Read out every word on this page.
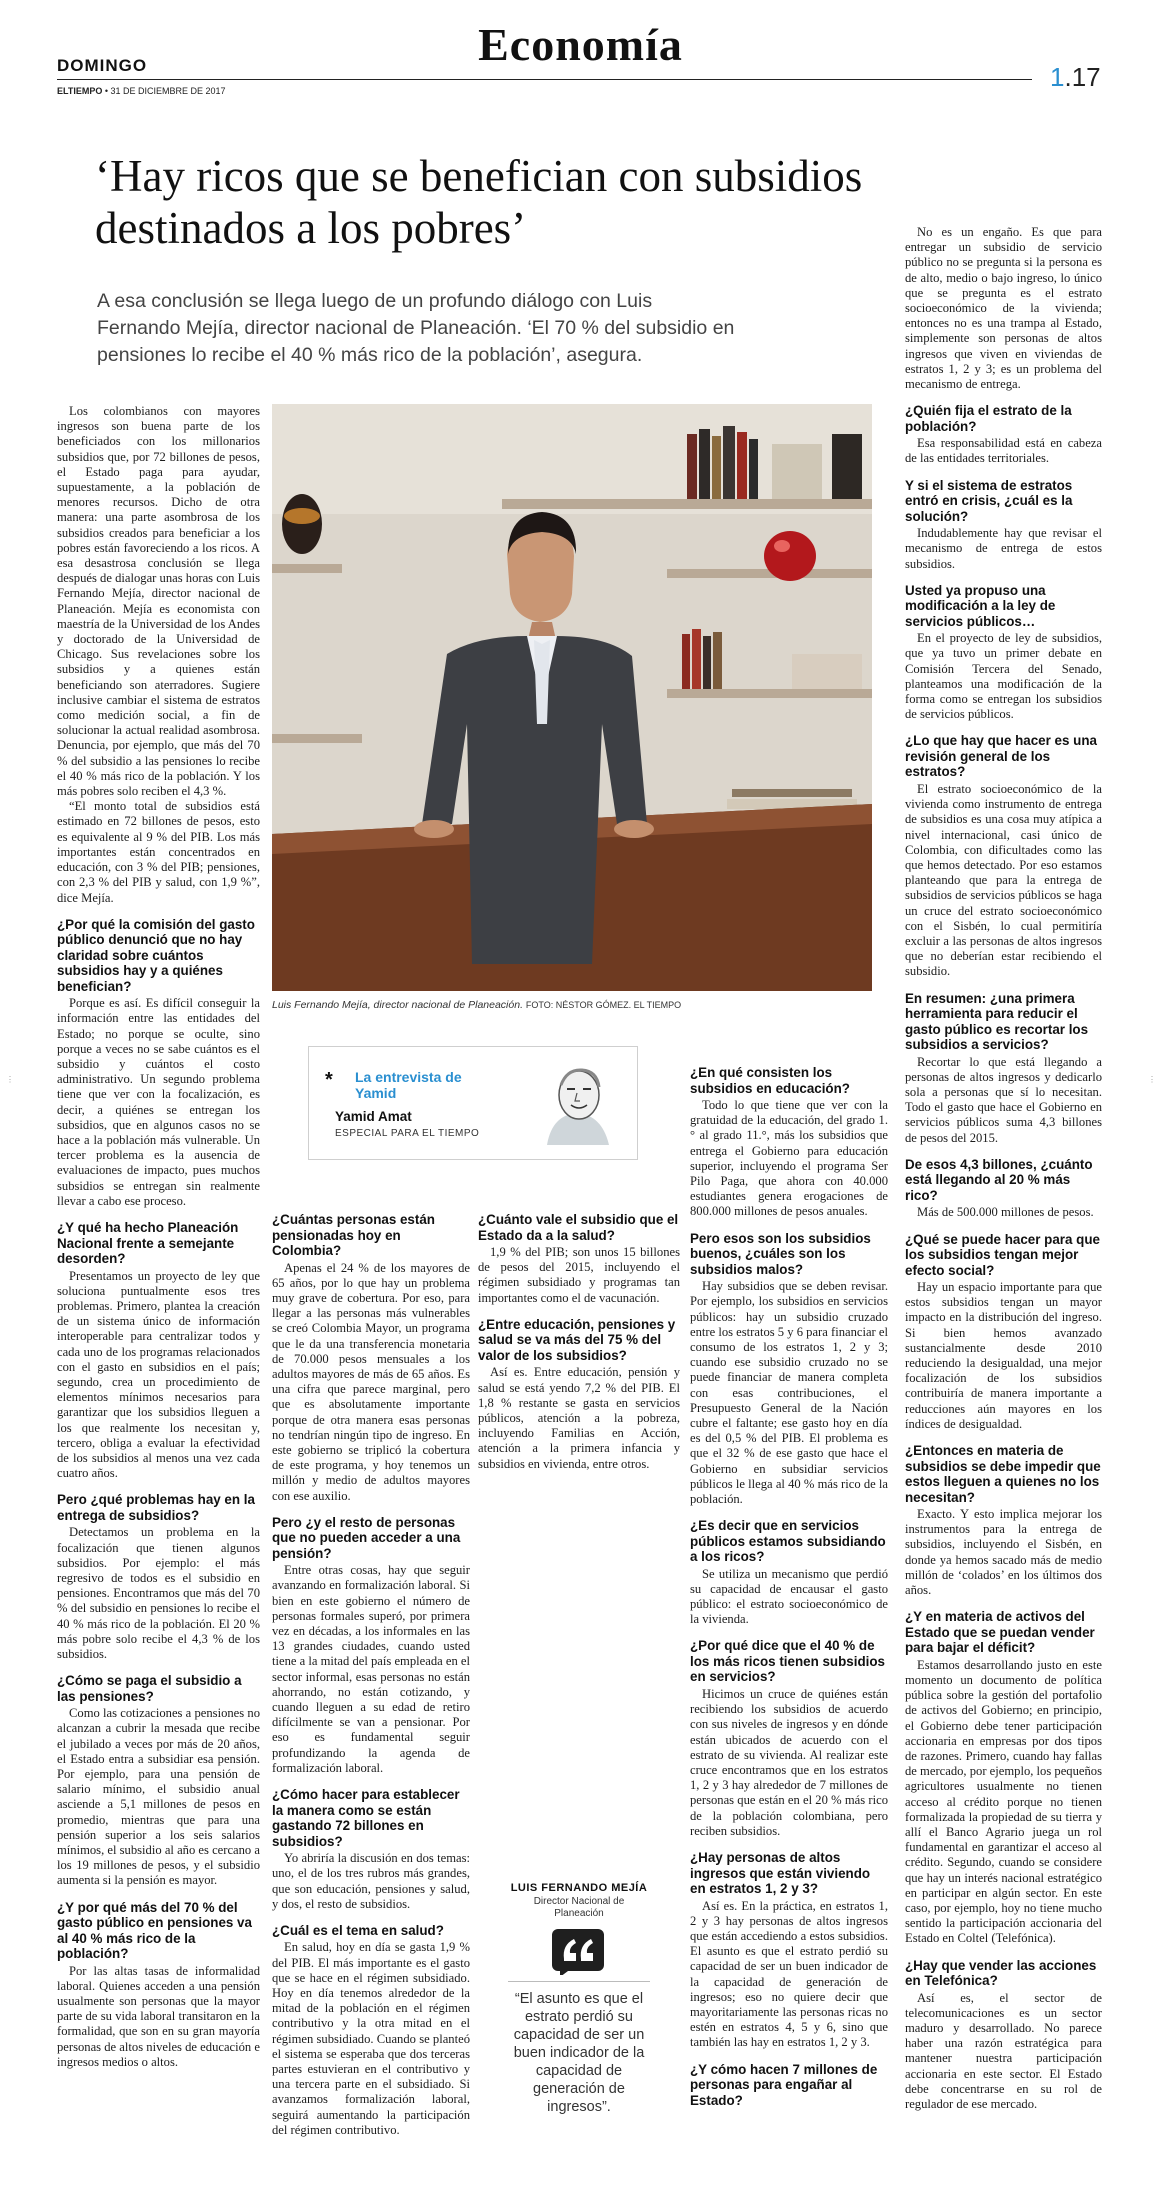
Economía
DOMINGO
ELTIEMPO • 31 DE DICIEMBRE DE 2017	1.17
‘Hay ricos que se benefician con subsidios destinados a los pobres’
A esa conclusión se llega luego de un profundo diálogo con Luis Fernando Mejía, director nacional de Planeación. ‘El 70 % del subsidio en pensiones lo recibe el 40 % más rico de la población’, asegura.

Los colombianos con mayores ingresos son buena parte de los beneficiados con los millonarios subsidios que, por 72 billones de pesos, el Estado paga para ayudar, supuestamente, a la población de menores recursos. Dicho de otra manera: una parte asombrosa de los subsidios creados para beneficiar a los pobres están favoreciendo a los ricos. A esa desastrosa conclusión se llega después de dialogar unas horas con Luis Fernando Mejía, director nacional de Planeación. Mejía es economista con maestría de la Universidad de los Andes y doctorado de la Universidad de Chicago. Sus revelaciones sobre los subsidios y a quienes están beneficiando son aterradores. Sugiere inclusive cambiar el sistema de estratos como medición social, a fin de solucionar la actual realidad asombrosa. Denuncia, por ejemplo, que más del 70 % del subsidio a las pensiones lo recibe el 40 % más rico de la población. Y los más pobres solo reciben el 4,3 %.

“El monto total de subsidios está estimado en 72 billones de pesos, esto es equivalente al 9 % del PIB. Los más importantes están concentrados en educación, con 3 % del PIB; pensiones, con 2,3 % del PIB y salud, con 1,9 %”, dice Mejía.

¿Por qué la comisión del gasto público denunció que no hay claridad sobre cuántos subsidios hay y a quiénes benefician?

Porque es así. Es difícil conseguir la información entre las entidades del Estado; no porque se oculte, sino porque a veces no se sabe cuántos es el subsidio y cuántos el costo administrativo. Un segundo problema tiene que ver con la focalización, es decir, a quiénes se entregan los subsidios, que en algunos casos no se hace a la población más vulnerable. Un tercer problema es la ausencia de evaluaciones de impacto, pues muchos subsidios se entregan sin realmente llevar a cabo ese proceso.

¿Y qué ha hecho Planeación Nacional frente a semejante desorden?

Presentamos un proyecto de ley que soluciona puntualmente esos tres problemas. Primero, plantea la creación de un sistema único de información interoperable para centralizar todos y cada uno de los programas relacionados con el gasto en subsidios en el país; segundo, crea un procedimiento de elementos mínimos necesarios para garantizar que los subsidios lleguen a los que realmente los necesitan y, tercero, obliga a evaluar la efectividad de los subsidios al menos una vez cada cuatro años.

Pero ¿qué problemas hay en la entrega de subsidios?

Detectamos un problema en la focalización que tienen algunos subsidios. Por ejemplo: el más regresivo de todos es el subsidio en pensiones. Encontramos que más del 70 % del subsidio en pensiones lo recibe el 40 % más rico de la población. El 20 % más pobre solo recibe el 4,3 % de los subsidios.

¿Cómo se paga el subsidio a las pensiones?

Como las cotizaciones a pensiones no alcanzan a cubrir la mesada que recibe el jubilado a veces por más de 20 años, el Estado entra a subsidiar esa pensión. Por ejemplo, para una pensión de salario mínimo, el subsidio anual asciende a 5,1 millones de pesos en promedio, mientras que para una pensión superior a los seis salarios mínimos, el subsidio al año es cercano a los 19 millones de pesos, y el subsidio aumenta si la pensión es mayor.

¿Y por qué más del 70 % del gasto público en pensiones va al 40 % más rico de la población?

Por las altas tasas de informalidad laboral. Quienes acceden a una pensión usualmente son personas que la mayor parte de su vida laboral transitaron en la formalidad, que son en su gran mayoría personas de altos niveles de educación e ingresos medios o altos.

¿Cuántas personas están pensionadas hoy en Colombia?

Apenas el 24 % de los mayores de 65 años, por lo que hay un problema muy grave de cobertura. Por eso, para llegar a las personas más vulnerables se creó Colombia Mayor, un programa que le da una transferencia monetaria de 70.000 pesos mensuales a los adultos mayores de más de 65 años. Es una cifra que parece marginal, pero que es absolutamente importante porque de otra manera esas personas no tendrían ningún tipo de ingreso. En este gobierno se triplicó la cobertura de este programa, y hoy tenemos un millón y medio de adultos mayores con ese auxilio.

Pero ¿y el resto de personas que no pueden acceder a una pensión?

Entre otras cosas, hay que seguir avanzando en formalización laboral. Si bien en este gobierno el número de personas formales superó, por primera vez en décadas, a los informales en las 13 grandes ciudades, cuando usted tiene a la mitad del país empleada en el sector informal, esas personas no están ahorrando, no están cotizando, y cuando lleguen a su edad de retiro difícilmente se van a pensionar. Por eso es fundamental seguir profundizando la agenda de formalización laboral.

¿Cómo hacer para establecer la manera como se están gastando 72 billones en subsidios?

Yo abriría la discusión en dos temas: uno, el de los tres rubros más grandes, que son educación, pensiones y salud, y dos, el resto de subsidios.

¿Cuál es el tema en salud?

En salud, hoy en día se gasta 1,9 % del PIB. El más importante es el gasto que se hace en el régimen subsidiado. Hoy en día tenemos alrededor de la mitad de la población en el régimen contributivo y la otra mitad en el régimen subsidiado. Cuando se planteó el sistema se esperaba que dos terceras partes estuvieran en el contributivo y una tercera parte en el subsidiado. Si avanzamos formalización laboral, seguirá aumentando la participación del régimen contributivo.

¿Cuánto vale el subsidio que el Estado da a la salud?

1,9 % del PIB; son unos 15 billones de pesos del 2015, incluyendo el régimen subsidiado y programas tan importantes como el de vacunación.

¿Entre educación, pensiones y salud se va más del 75 % del valor de los subsidios?

Así es. Entre educación, pensión y salud se está yendo 7,2 % del PIB. El 1,8 % restante se gasta en servicios públicos, atención a la pobreza, incluyendo Familias en Acción, atención a la primera infancia y subsidios en vivienda, entre otros.

¿En qué consisten los subsidios en educación?

Todo lo que tiene que ver con la gratuidad de la educación, del grado 1.° al grado 11.°, más los subsidios que entrega el Gobierno para educación superior, incluyendo el programa Ser Pilo Paga, que ahora con 40.000 estudiantes genera erogaciones de 800.000 millones de pesos anuales.

Pero esos son los subsidios buenos, ¿cuáles son los subsidios malos?

Hay subsidios que se deben revisar. Por ejemplo, los subsidios en servicios públicos: hay un subsidio cruzado entre los estratos 5 y 6 para financiar el consumo de los estratos 1, 2 y 3; cuando ese subsidio cruzado no se puede financiar de manera completa con esas contribuciones, el Presupuesto General de la Nación cubre el faltante; ese gasto hoy en día es del 0,5 % del PIB. El problema es que el 32 % de ese gasto que hace el Gobierno en subsidiar servicios públicos le llega al 40 % más rico de la población.

¿Es decir que en servicios públicos estamos subsidiando a los ricos?

Se utiliza un mecanismo que perdió su capacidad de encausar el gasto público: el estrato socioeconómico de la vivienda.

¿Por qué dice que el 40 % de los más ricos tienen subsidios en servicios?

Hicimos un cruce de quiénes están recibiendo los subsidios de acuerdo con sus niveles de ingresos y en dónde están ubicados de acuerdo con el estrato de su vivienda. Al realizar este cruce encontramos que en los estratos 1, 2 y 3 hay alrededor de 7 millones de personas que están en el 20 % más rico de la población colombiana, pero reciben subsidios.

¿Hay personas de altos ingresos que están viviendo en estratos 1, 2 y 3?

Así es. En la práctica, en estratos 1, 2 y 3 hay personas de altos ingresos que están accediendo a estos subsidios. El asunto es que el estrato perdió su capacidad de ser un buen indicador de la capacidad de generación de ingresos; eso no quiere decir que mayoritariamente las personas ricas no estén en estratos 4, 5 y 6, sino que también las hay en estratos 1, 2 y 3.

¿Y cómo hacen 7 millones de personas para engañar al Estado?

No es un engaño. Es que para entregar un subsidio de servicio público no se pregunta si la persona es de alto, medio o bajo ingreso, lo único que se pregunta es el estrato socioeconómico de la vivienda; entonces no es una trampa al Estado, simplemente son personas de altos ingresos que viven en viviendas de estratos 1, 2 y 3; es un problema del mecanismo de entrega.

¿Quién fija el estrato de la población?

Esa responsabilidad está en cabeza de las entidades territoriales.

Y si el sistema de estratos entró en crisis, ¿cuál es la solución?

Indudablemente hay que revisar el mecanismo de entrega de estos subsidios.

Usted ya propuso una modificación a la ley de servicios públicos…

En el proyecto de ley de subsidios, que ya tuvo un primer debate en Comisión Tercera del Senado, planteamos una modificación de la forma como se entregan los subsidios de servicios públicos.

¿Lo que hay que hacer es una revisión general de los estratos?

El estrato socioeconómico de la vivienda como instrumento de entrega de subsidios es una cosa muy atípica a nivel internacional, casi único de Colombia, con dificultades como las que hemos detectado. Por eso estamos planteando que para la entrega de subsidios de servicios públicos se haga un cruce del estrato socioeconómico con el Sisbén, lo cual permitiría excluir a las personas de altos ingresos que no deberían estar recibiendo el subsidio.

En resumen: ¿una primera herramienta para reducir el gasto público es recortar los subsidios a servicios?

Recortar lo que está llegando a personas de altos ingresos y dedicarlo sola a personas que sí lo necesitan. Todo el gasto que hace el Gobierno en servicios públicos suma 4,3 billones de pesos del 2015.

De esos 4,3 billones, ¿cuánto está llegando al 20 % más rico?

Más de 500.000 millones de pesos.

¿Qué se puede hacer para que los subsidios tengan mejor efecto social?

Hay un espacio importante para que estos subsidios tengan un mayor impacto en la distribución del ingreso. Si bien hemos avanzado sustancialmente desde 2010 reduciendo la desigualdad, una mejor focalización de los subsidios contribuiría de manera importante a reducciones aún mayores en los índices de desigualdad.

¿Entonces en materia de subsidios se debe impedir que estos lleguen a quienes no los necesitan?

Exacto. Y esto implica mejorar los instrumentos para la entrega de subsidios, incluyendo el Sisbén, en donde ya hemos sacado más de medio millón de ‘colados’ en los últimos dos años.

¿Y en materia de activos del Estado que se puedan vender para bajar el déficit?

Estamos desarrollando justo en este momento un documento de política pública sobre la gestión del portafolio de activos del Gobierno; en principio, el Gobierno debe tener participación accionaria en empresas por dos tipos de razones. Primero, cuando hay fallas de mercado, por ejemplo, los pequeños agricultores usualmente no tienen acceso al crédito porque no tienen formalizada la propiedad de su tierra y allí el Banco Agrario juega un rol fundamental en garantizar el acceso al crédito. Segundo, cuando se considere que hay un interés nacional estratégico en participar en algún sector. En este caso, por ejemplo, hoy no tiene mucho sentido la participación accionaria del Estado en Coltel (Telefónica).

¿Hay que vender las acciones en Telefónica?

Así es, el sector de telecomunicaciones es un sector maduro y desarrollado. No parece haber una razón estratégica para mantener nuestra participación accionaria en este sector. El Estado debe concentrarse en su rol de regulador de ese mercado.

Luis Fernando Mejía, director nacional de Planeación. FOTO: NÉSTOR GÓMEZ. EL TIEMPO
* La entrevista de Yamid
Yamid Amat
ESPECIAL PARA EL TIEMPO
LUIS FERNANDO MEJÍA
Director Nacional de Planeación
“El asunto es que el estrato perdió su capacidad de ser un buen indicador de la capacidad de generación de ingresos”.
⋮	⋮
